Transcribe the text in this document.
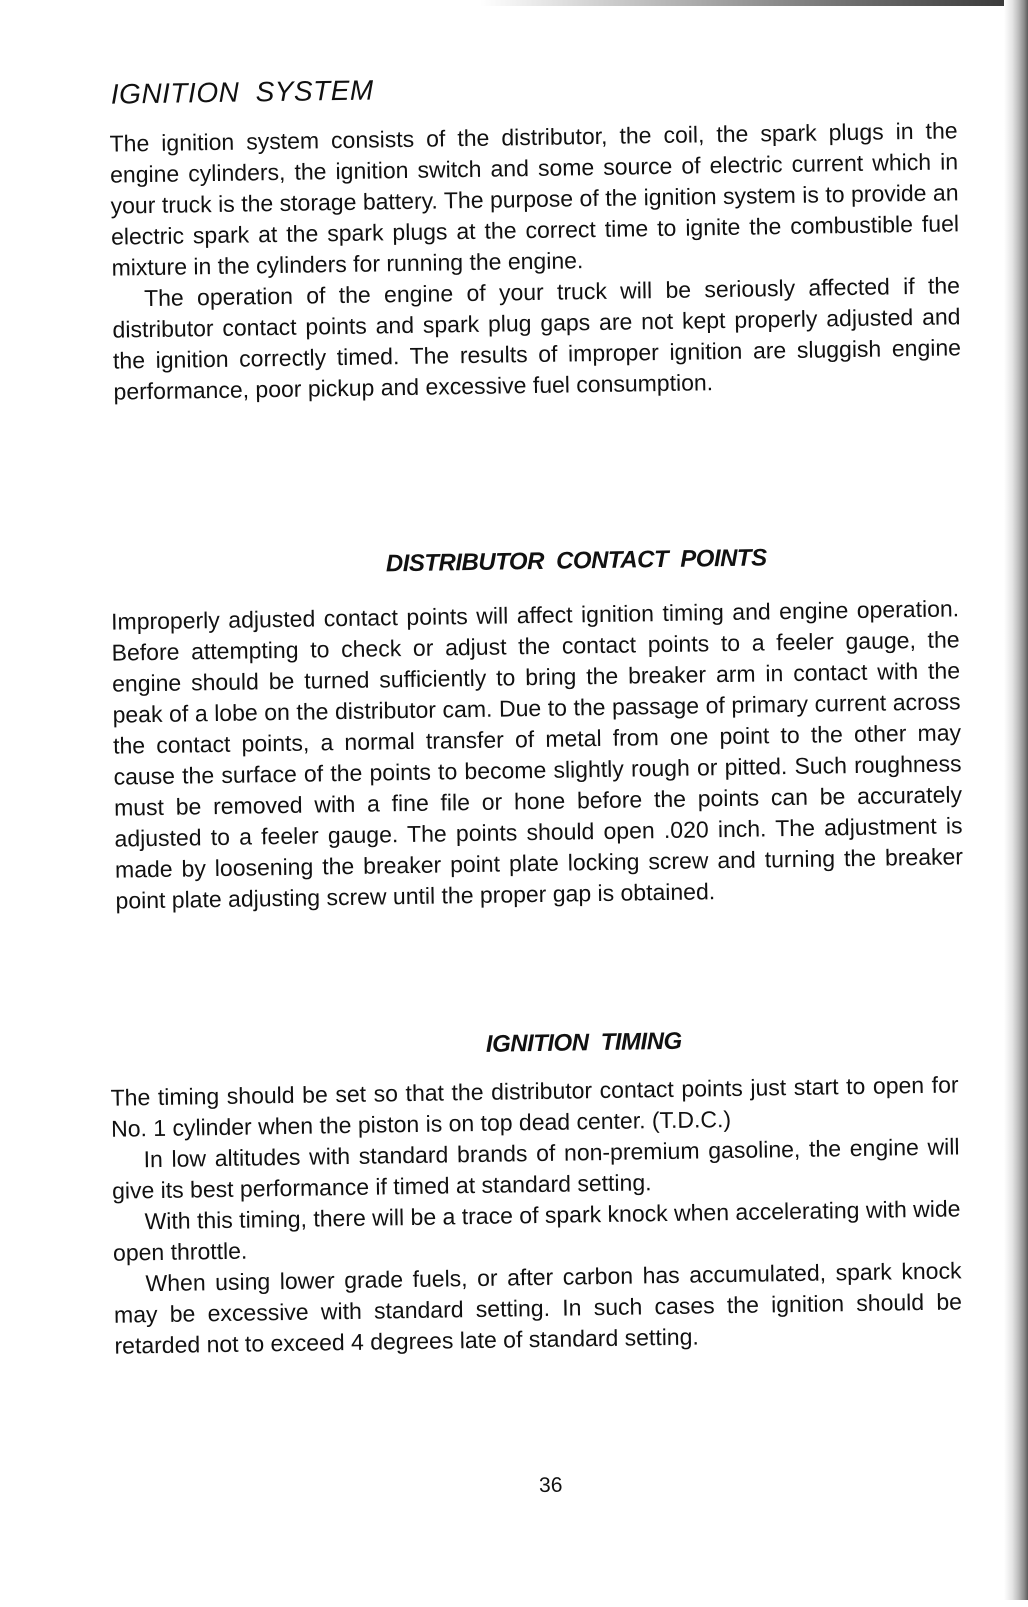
IGNITION SYSTEM

The ignition system consists of the distributor, the coil, the spark plugs in the engine cylinders, the ignition switch and some source of electric current which in your truck is the storage battery. The purpose of the ignition system is to provide an electric spark at the spark plugs at the correct time to ignite the combustible fuel mixture in the cylinders for running the engine.

The operation of the engine of your truck will be seriously affected if the distributor contact points and spark plug gaps are not kept properly adjusted and the ignition correctly timed. The results of improper ignition are sluggish engine performance, poor pickup and excessive fuel consumption.

DISTRIBUTOR CONTACT POINTS

Improperly adjusted contact points will affect ignition timing and engine operation. Before attempting to check or adjust the contact points to a feeler gauge, the engine should be turned sufficiently to bring the breaker arm in contact with the peak of a lobe on the distributor cam. Due to the passage of primary current across the contact points, a normal transfer of metal from one point to the other may cause the surface of the points to become slightly rough or pitted. Such roughness must be removed with a fine file or hone before the points can be accurately adjusted to a feeler gauge. The points should open .020 inch. The adjustment is made by loosening the breaker point plate locking screw and turning the breaker point plate adjusting screw until the proper gap is obtained.

IGNITION TIMING

The timing should be set so that the distributor contact points just start to open for No. 1 cylinder when the piston is on top dead center. (T.D.C.)

In low altitudes with standard brands of non-premium gasoline, the engine will give its best performance if timed at standard setting.

With this timing, there will be a trace of spark knock when accelerating with wide open throttle.

When using lower grade fuels, or after carbon has accumulated, spark knock may be excessive with standard setting. In such cases the ignition should be retarded not to exceed 4 degrees late of standard setting.

36
